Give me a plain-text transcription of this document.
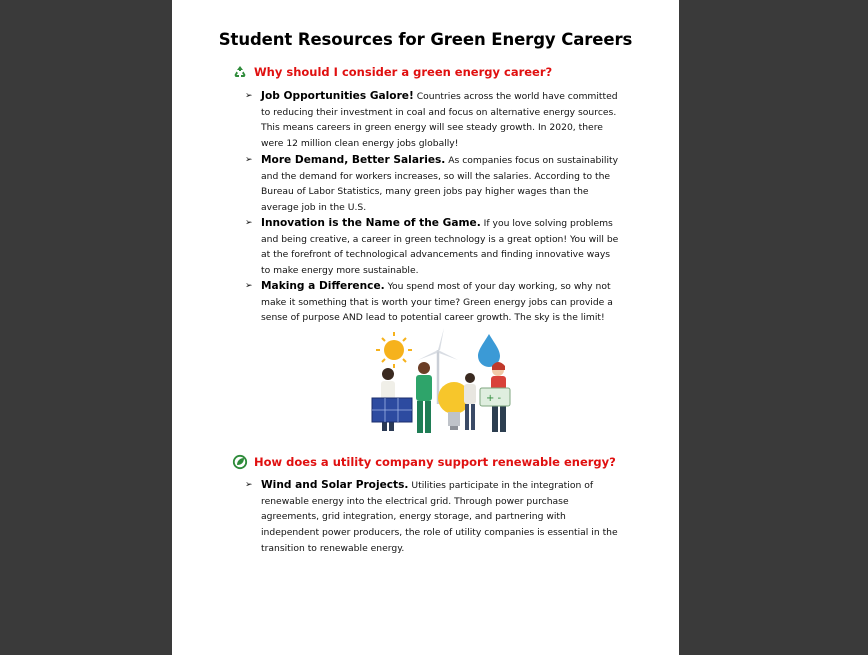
Student Resources for Green Energy Careers
Why should I consider a green energy career?
➢ Job Opportunities Galore! Countries across the world have committed to reducing their investment in coal and focus on alternative energy sources. This means careers in green energy will see steady growth. In 2020, there were 12 million clean energy jobs globally!
➢ More Demand, Better Salaries. As companies focus on sustainability and the demand for workers increases, so will the salaries. According to the Bureau of Labor Statistics, many green jobs pay higher wages than the average job in the U.S.
➢ Innovation is the Name of the Game. If you love solving problems and being creative, a career in green technology is a great option! You will be at the forefront of technological advancements and finding innovative ways to make energy more sustainable.
➢ Making a Difference. You spend most of your day working, so why not make it something that is worth your time? Green energy jobs can provide a sense of purpose AND lead to potential career growth. The sky is the limit!
+ -
How does a utility company support renewable energy?
➢ Wind and Solar Projects. Utilities participate in the integration of renewable energy into the electrical grid. Through power purchase agreements, grid integration, energy storage, and partnering with independent power producers, the role of utility companies is essential in the transition to renewable energy.
